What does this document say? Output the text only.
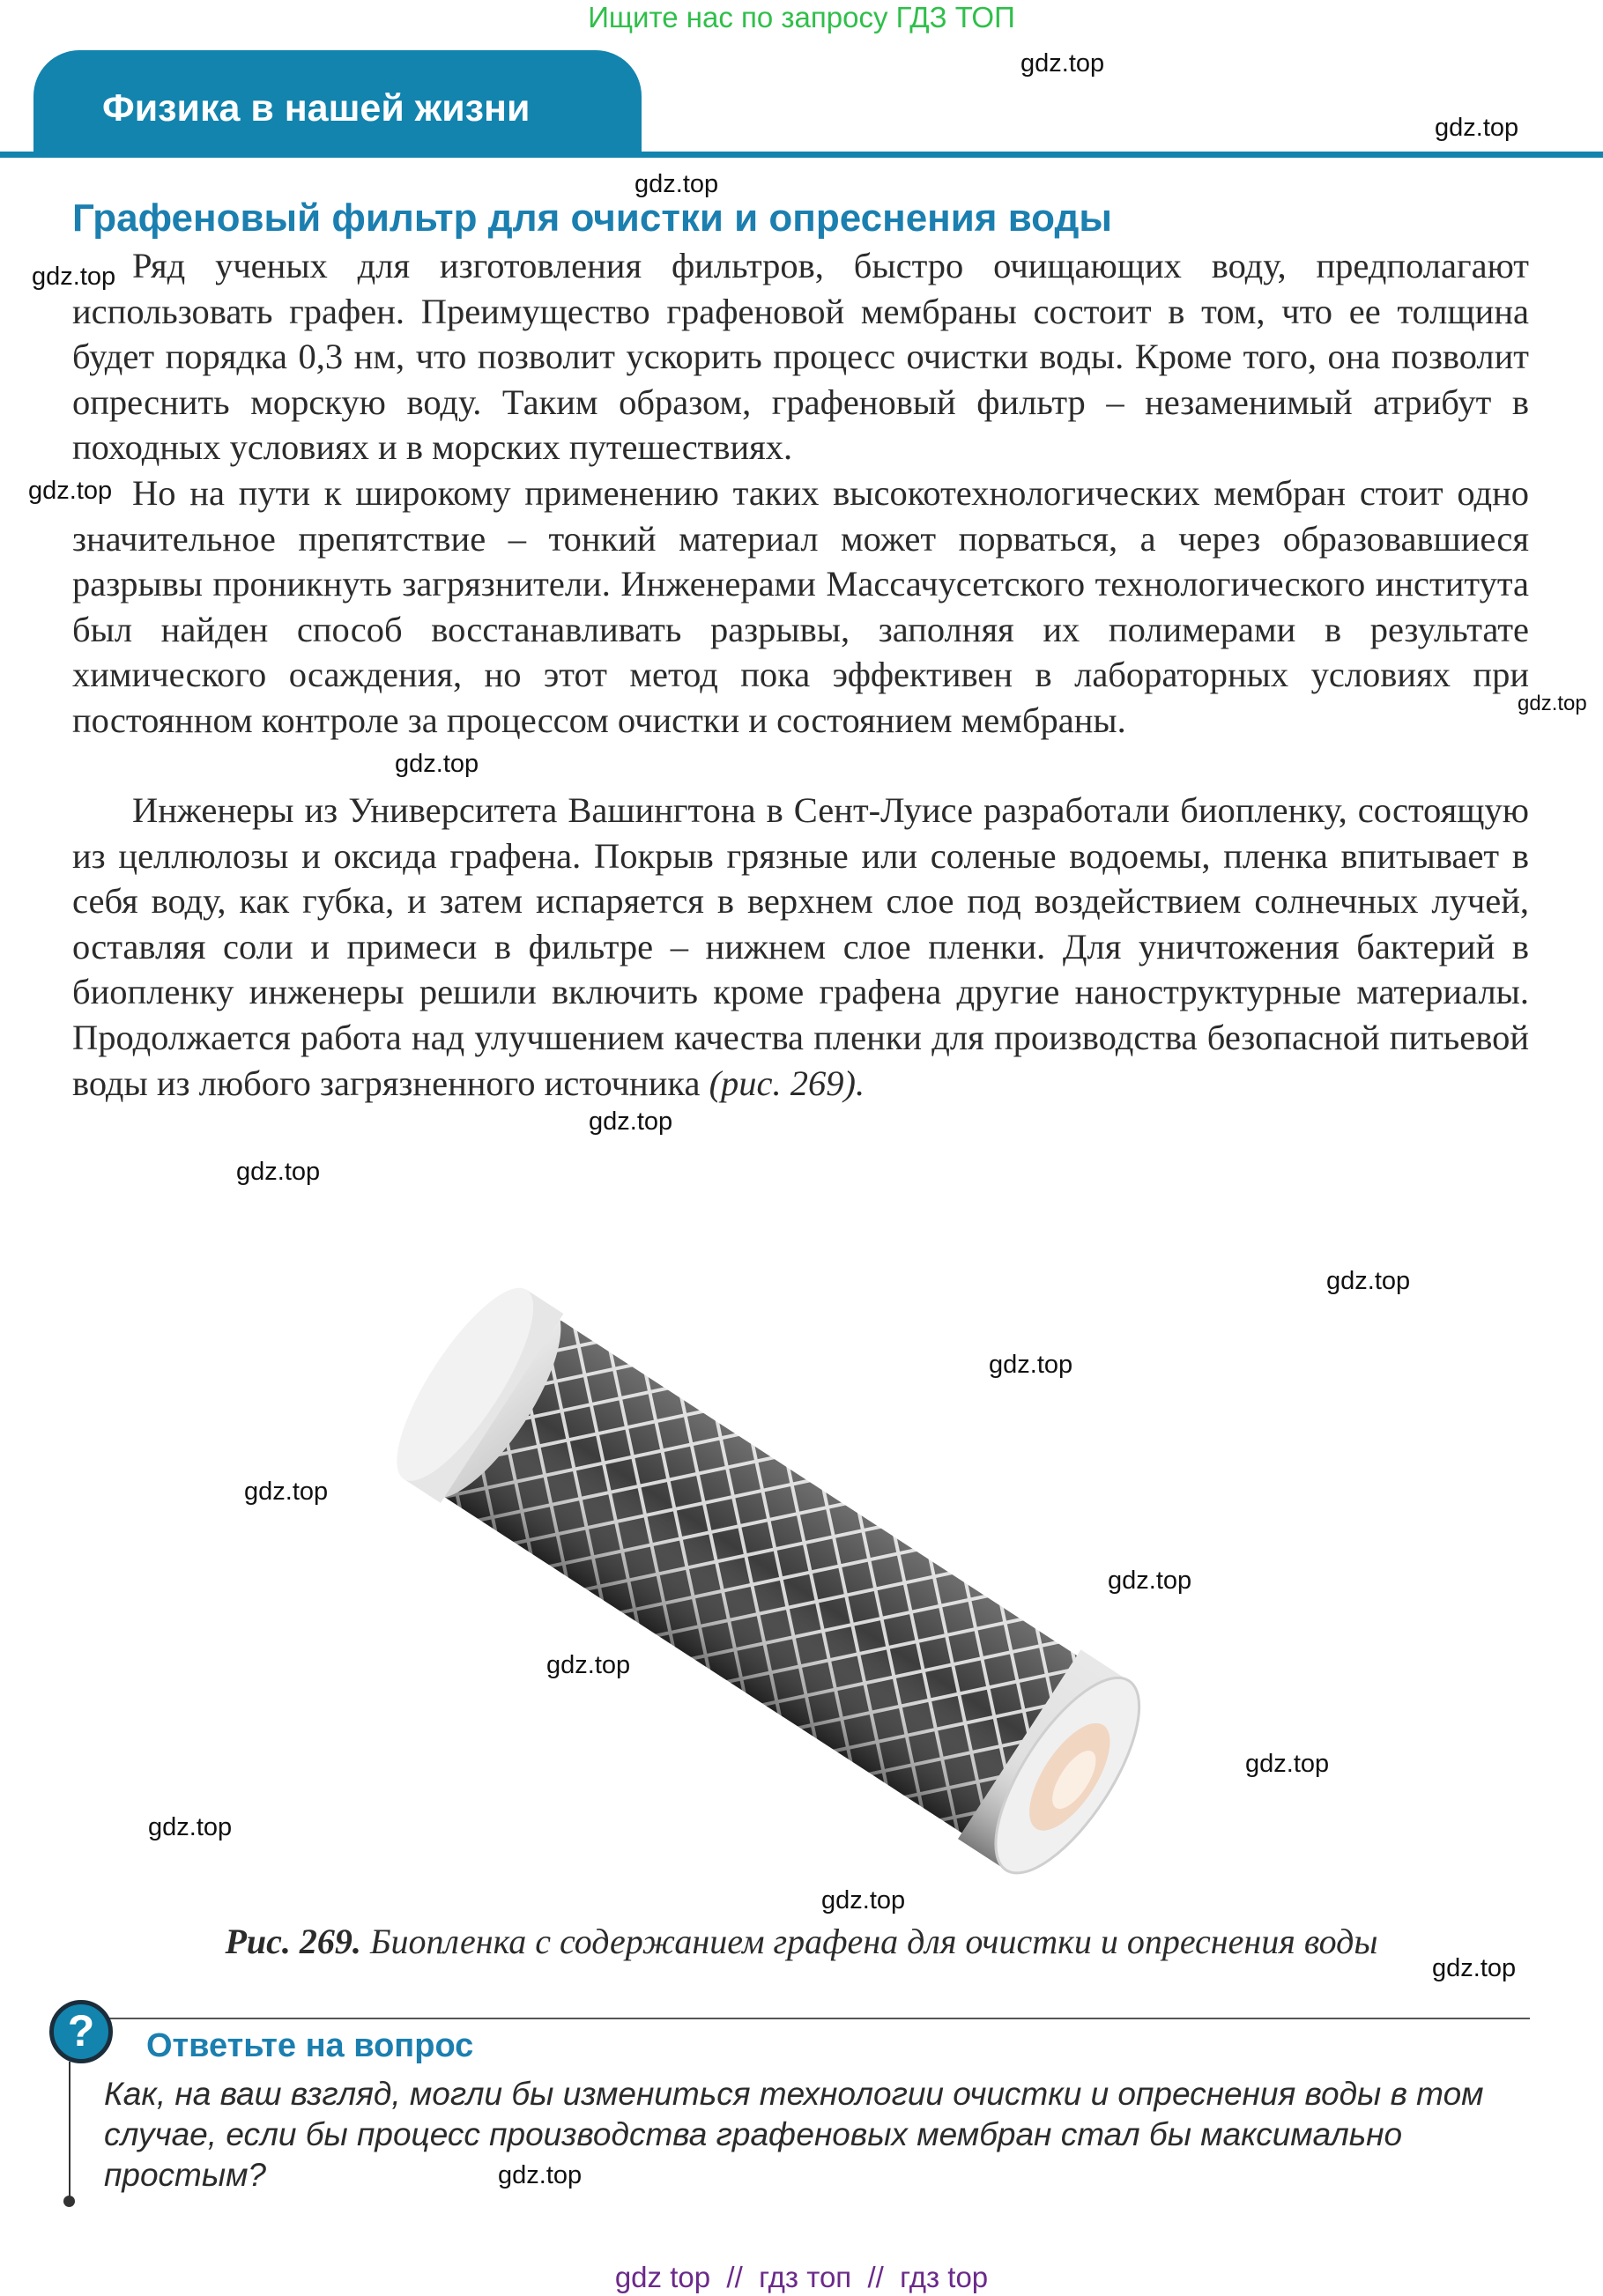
Ищите нас по запросу ГДЗ ТОП
Физика в нашей жизни
gdz.top
gdz.top
gdz.top
gdz.top
gdz.top
gdz.top
gdz.top
gdz.top
gdz.top
gdz.top
gdz.top
gdz.top
gdz.top
gdz.top
gdz.top
gdz.top
gdz.top
gdz.top
gdz.top
Графеновый фильтр для очистки и опреснения воды
Ряд ученых для изготовления фильтров, быстро очищающих воду, предполагают использовать графен. Преимущество графеновой мембраны состоит в том, что ее толщина будет порядка 0,3 нм, что позволит ускорить процесс очистки воды. Кроме того, она позволит опреснить морскую воду. Таким образом, графеновый фильтр – незаменимый атрибут в походных условиях и в морских путешествиях.
Но на пути к широкому применению таких высокотехнологических мембран стоит одно значительное препятствие – тонкий материал может порваться, а через образовавшиеся разрывы проникнуть загрязнители. Инженерами Массачусетского технологического института был найден способ восстанавливать разрывы, заполняя их полимерами в результате химического осаждения, но этот метод пока эффективен в лабораторных условиях при постоянном контроле за процессом очистки и состоянием мембраны.
Инженеры из Университета Вашингтона в Сент-Луисе разработали биопленку, состоящую из целлюлозы и оксида графена. Покрыв грязные или соленые водоемы, пленка впитывает в себя воду, как губка, и затем испаряется в верхнем слое под воздействием солнечных лучей, оставляя соли и примеси в фильтре – нижнем слое пленки. Для уничтожения бактерий в биопленку инженеры решили включить кроме графена другие наноструктурные материалы. Продолжается работа над улучшением качества пленки для производства безопасной питьевой воды из любого загрязненного источника (рис. 269).
Рис. 269. Биопленка с содержанием графена для очистки и опреснения воды
?	Ответьте на вопрос
Как, на ваш взгляд, могли бы измениться технологии очистки и опреснения воды в том случае, если бы процесс производства графеновых мембран стал бы максимально простым?
gdz top  //  гдз топ  //  гдз top
